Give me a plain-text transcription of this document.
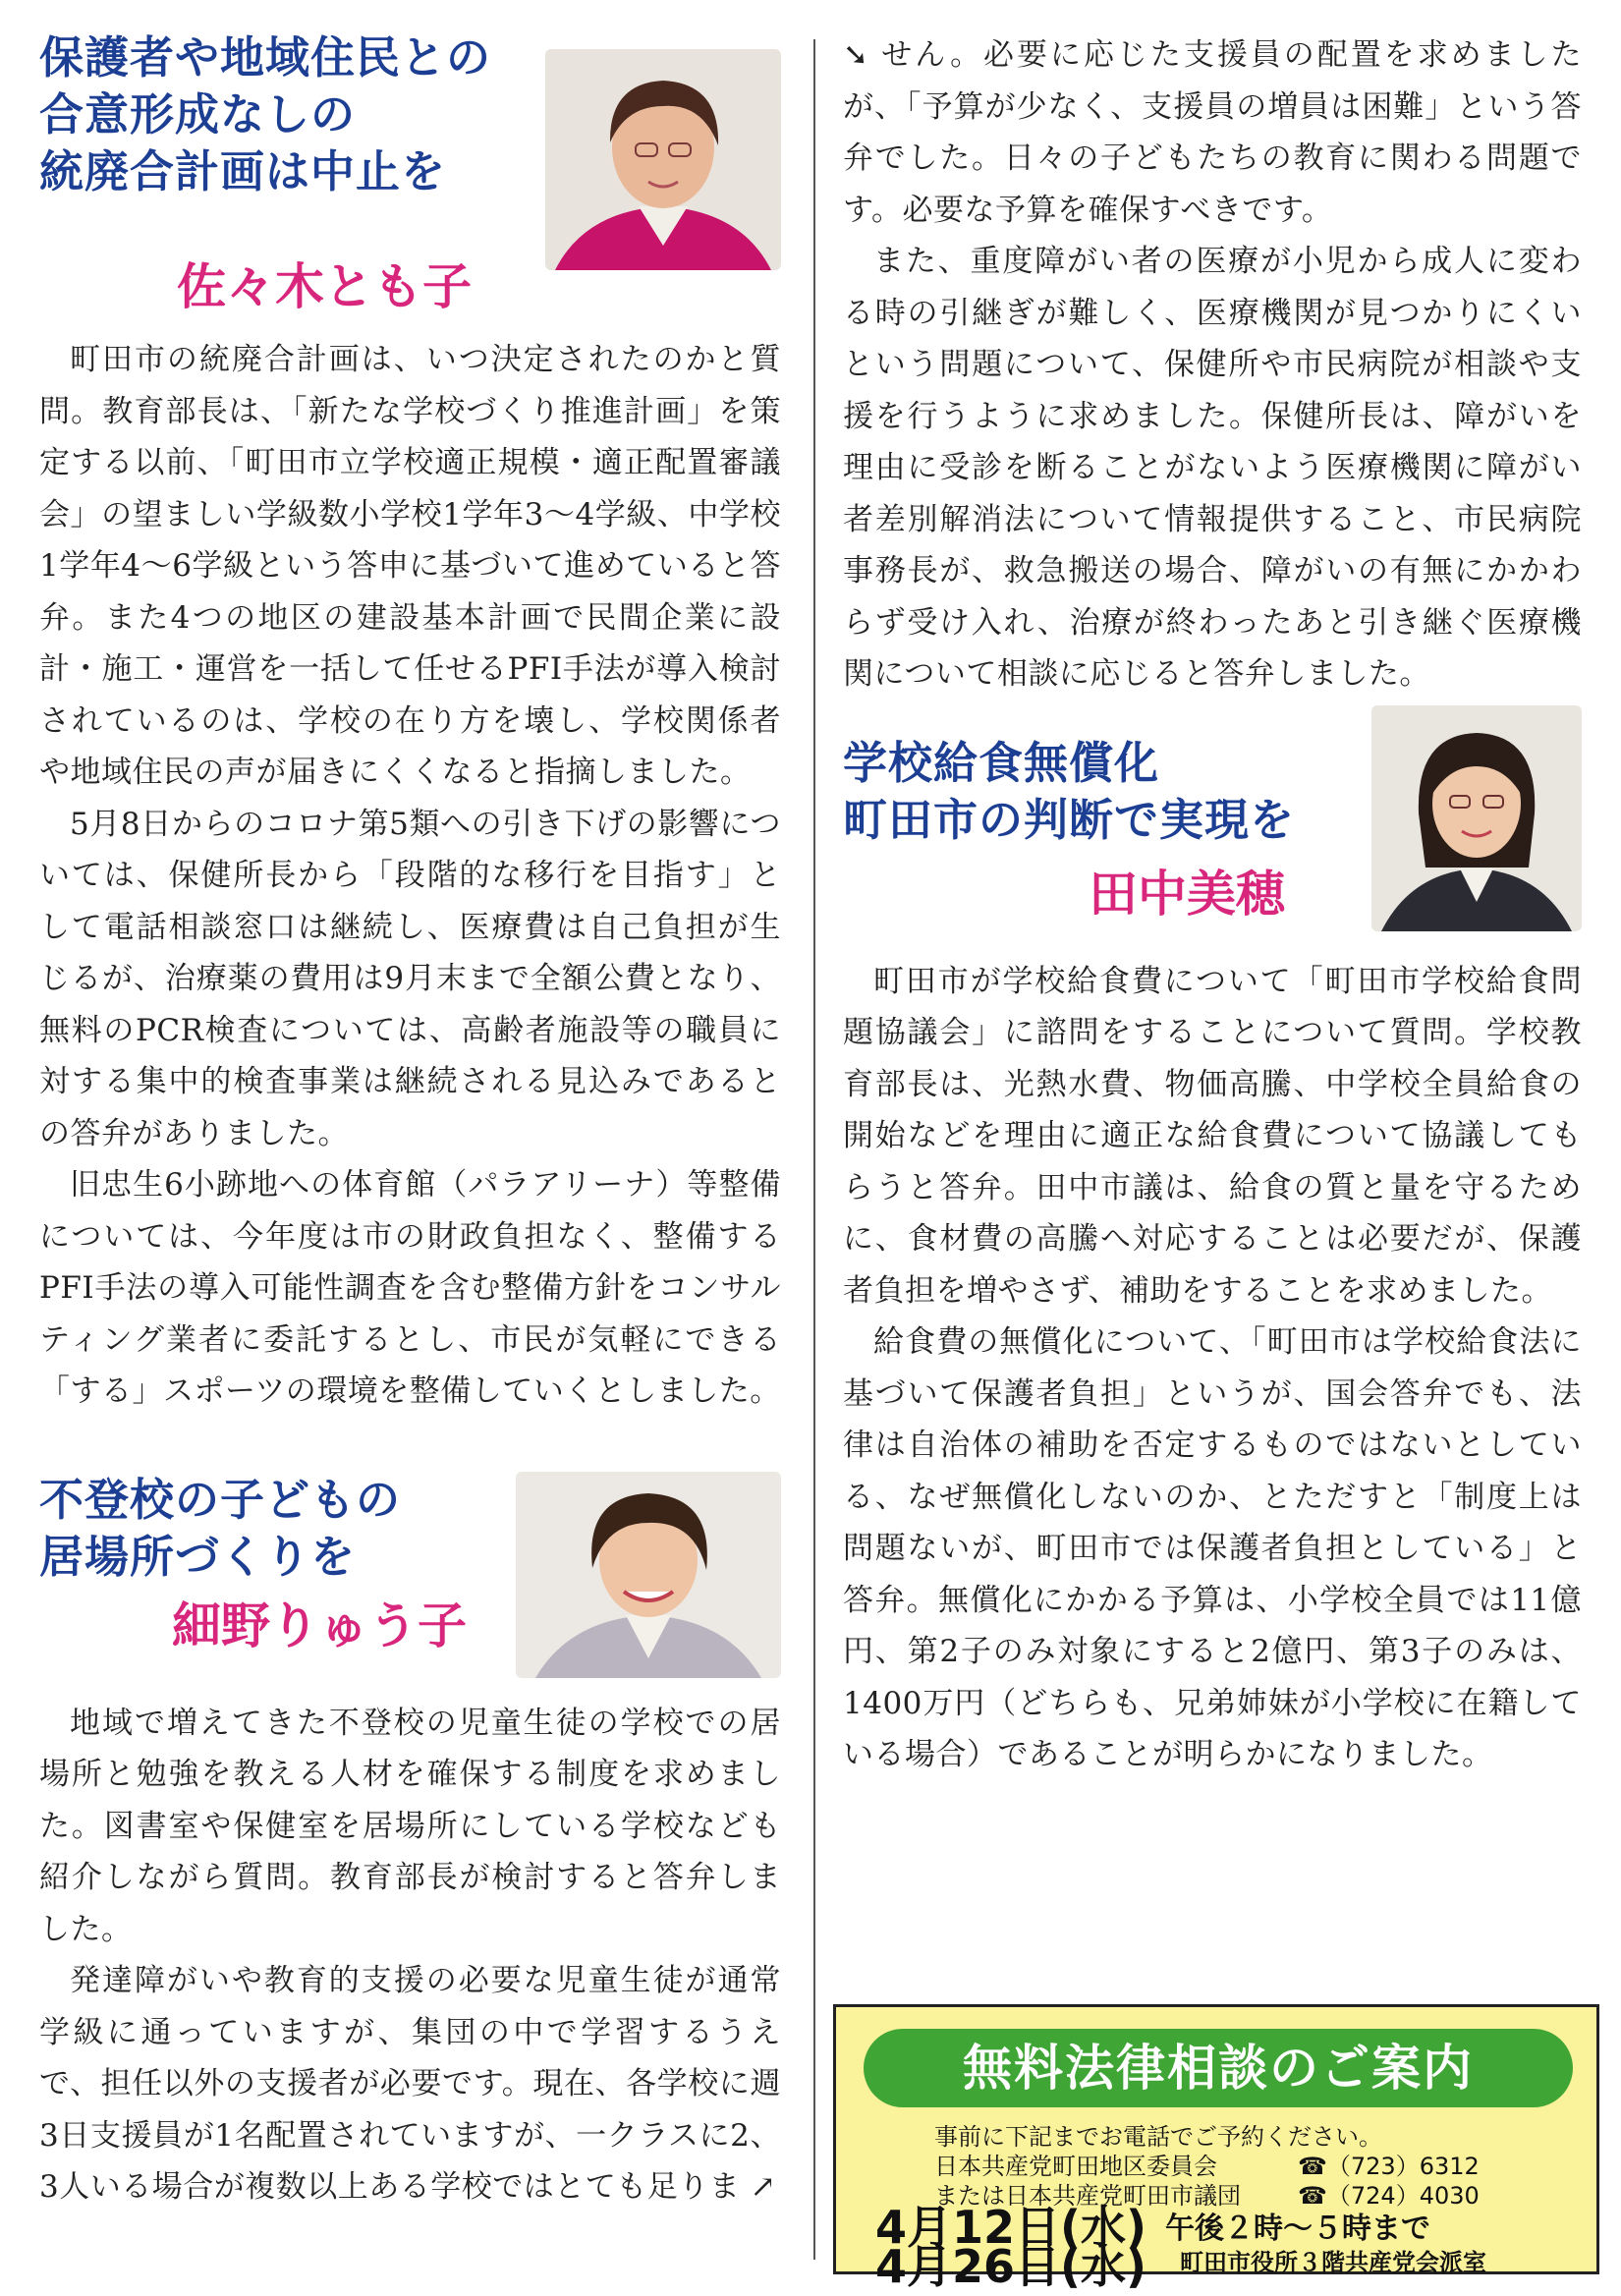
保護者や地域住民との
合意形成なしの
統廃合計画は中止を
佐々木とも子

町田市の統廃合計画は、いつ決定されたのかと質問。教育部長は、「新たな学校づくり推進計画」を策定する以前、「町田市立学校適正規模・適正配置審議会」の望ましい学級数小学校1学年3〜4学級、中学校1学年4〜6学級という答申に基づいて進めていると答弁。また4つの地区の建設基本計画で民間企業に設計・施工・運営を一括して任せるPFI手法が導入検討されているのは、学校の在り方を壊し、学校関係者や地域住民の声が届きにくくなると指摘しました。

5月8日からのコロナ第5類への引き下げの影響については、保健所長から「段階的な移行を目指す」として電話相談窓口は継続し、医療費は自己負担が生じるが、治療薬の費用は9月末まで全額公費となり、無料のPCR検査については、高齢者施設等の職員に対する集中的検査事業は継続される見込みであるとの答弁がありました。

旧忠生6小跡地への体育館（パラアリーナ）等整備については、今年度は市の財政負担なく、整備するPFI手法の導入可能性調査を含む整備方針をコンサルティング業者に委託するとし、市民が気軽にできる「する」スポーツの環境を整備していくとしました。

不登校の子どもの
居場所づくりを
細野りゅう子

地域で増えてきた不登校の児童生徒の学校での居場所と勉強を教える人材を確保する制度を求めました。図書室や保健室を居場所にしている学校なども紹介しながら質問。教育部長が検討すると答弁しました。

発達障がいや教育的支援の必要な児童生徒が通常学級に通っていますが、集団の中で学習するうえで、担任以外の支援者が必要です。現在、各学校に週3日支援員が1名配置されていますが、一クラスに2、3人いる場合が複数以上ある学校ではとても足りま ↗

➘ せん。必要に応じた支援員の配置を求めましたが、「予算が少なく、支援員の増員は困難」という答弁でした。日々の子どもたちの教育に関わる問題です。必要な予算を確保すべきです。

また、重度障がい者の医療が小児から成人に変わる時の引継ぎが難しく、医療機関が見つかりにくいという問題について、保健所や市民病院が相談や支援を行うように求めました。保健所長は、障がいを理由に受診を断ることがないよう医療機関に障がい者差別解消法について情報提供すること、市民病院事務長が、救急搬送の場合、障がいの有無にかかわらず受け入れ、治療が終わったあと引き継ぐ医療機関について相談に応じると答弁しました。

学校給食無償化
町田市の判断で実現を
田中美穂

町田市が学校給食費について「町田市学校給食問題協議会」に諮問をすることについて質問。学校教育部長は、光熱水費、物価高騰、中学校全員給食の開始などを理由に適正な給食費について協議してもらうと答弁。田中市議は、給食の質と量を守るために、食材費の高騰へ対応することは必要だが、保護者負担を増やさず、補助をすることを求めました。

給食費の無償化について、「町田市は学校給食法に基づいて保護者負担」というが、国会答弁でも、法律は自治体の補助を否定するものではないとしている、なぜ無償化しないのか、とただすと「制度上は問題ないが、町田市では保護者負担としている」と答弁。無償化にかかる予算は、小学校全員では11億円、第2子のみ対象にすると2億円、第3子のみは、1400万円（どちらも、兄弟姉妹が小学校に在籍している場合）であることが明らかになりました。

無料法律相談のご案内
事前に下記までお電話でご予約ください。
日本共産党町田地区委員会	☎（723）6312
または日本共産党町田市議団 ☎（724）4030
4月12日(水) 午後２時〜５時まで
4月26日(水) 町田市役所３階共産党会派室
